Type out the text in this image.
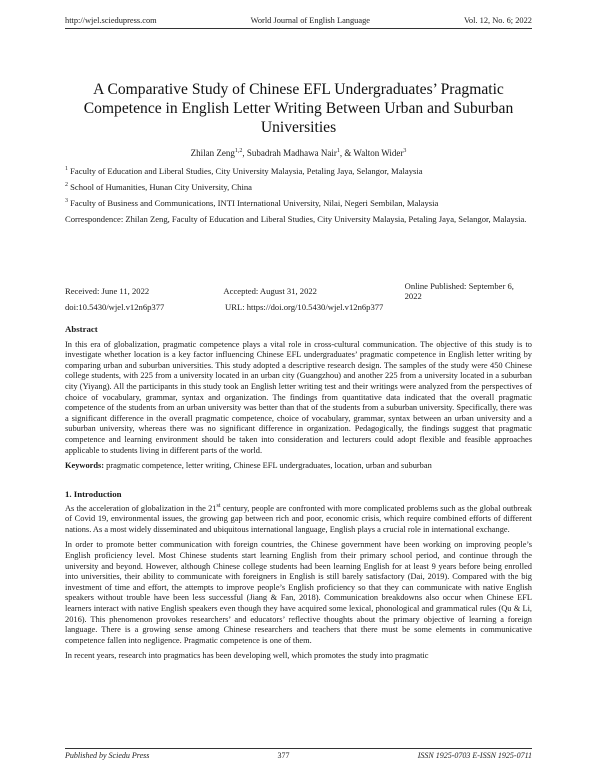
http://wjel.sciedupress.com	World Journal of English Language	Vol. 12, No. 6; 2022
A Comparative Study of Chinese EFL Undergraduates’ Pragmatic Competence in English Letter Writing Between Urban and Suburban Universities
Zhilan Zeng$^{1,2}$, Subadrah Madhawa Nair$^1$, & Walton Wider$^3$
$^1$ Faculty of Education and Liberal Studies, City University Malaysia, Petaling Jaya, Selangor, Malaysia
$^2$ School of Humanities, Hunan City University, China
$^3$ Faculty of Business and Communications, INTI International University, Nilai, Negeri Sembilan, Malaysia
Correspondence: Zhilan Zeng, Faculty of Education and Liberal Studies, City University Malaysia, Petaling Jaya, Selangor, Malaysia.
Received: June 11, 2022	Accepted: August 31, 2022	Online Published: September 6, 2022
doi:10.5430/wjel.v12n6p377	URL: https://doi.org/10.5430/wjel.v12n6p377
Abstract

In this era of globalization, pragmatic competence plays a vital role in cross-cultural communication. The objective of this study is to investigate whether location is a key factor influencing Chinese EFL undergraduates’ pragmatic competence in English letter writing by comparing urban and suburban universities. This study adopted a descriptive research design. The samples of the study were 450 Chinese college students, with 225 from a university located in an urban city (Guangzhou) and another 225 from a university located in a suburban city (Yiyang). All the participants in this study took an English letter writing test and their writings were analyzed from the perspectives of choice of vocabulary, grammar, syntax and organization. The findings from quantitative data indicated that the overall pragmatic competence of the students from an urban university was better than that of the students from a suburban university. Specifically, there was a significant difference in the overall pragmatic competence, choice of vocabulary, grammar, syntax between an urban university and a suburban university, whereas there was no significant difference in organization. Pedagogically, the findings suggest that pragmatic competence and learning environment should be taken into consideration and lecturers could adopt flexible and feasible approaches applicable to students living in different parts of the world.

Keywords: pragmatic competence, letter writing, Chinese EFL undergraduates, location, urban and suburban

1. Introduction

As the acceleration of globalization in the 21st century, people are confronted with more complicated problems such as the global outbreak of Covid 19, environmental issues, the growing gap between rich and poor, economic crisis, which require combined efforts of different nations. As a most widely disseminated and ubiquitous international language, English plays a crucial role in international exchange.

In order to promote better communication with foreign countries, the Chinese government have been working on improving people’s English proficiency level. Most Chinese students start learning English from their primary school period, and continue through the university and beyond. However, although Chinese college students had been learning English for at least 9 years before being enrolled into universities, their ability to communicate with foreigners in English is still barely satisfactory (Dai, 2019). Compared with the big investment of time and effort, the attempts to improve people’s English proficiency so that they can communicate with native English speakers without trouble have been less successful (Jiang & Fan, 2018). Communication breakdowns also occur when Chinese EFL learners interact with native English speakers even though they have acquired some lexical, phonological and grammatical rules (Qu & Li, 2016). This phenomenon provokes researchers’ and educators’ reflective thoughts about the primary objective of learning a foreign language. There is a growing sense among Chinese researchers and teachers that there must be some elements in communicative competence fallen into negligence. Pragmatic competence is one of them.

In recent years, research into pragmatics has been developing well, which promotes the study into pragmatic

Published by Sciedu Press	377	ISSN 1925-0703 E-ISSN 1925-0711
